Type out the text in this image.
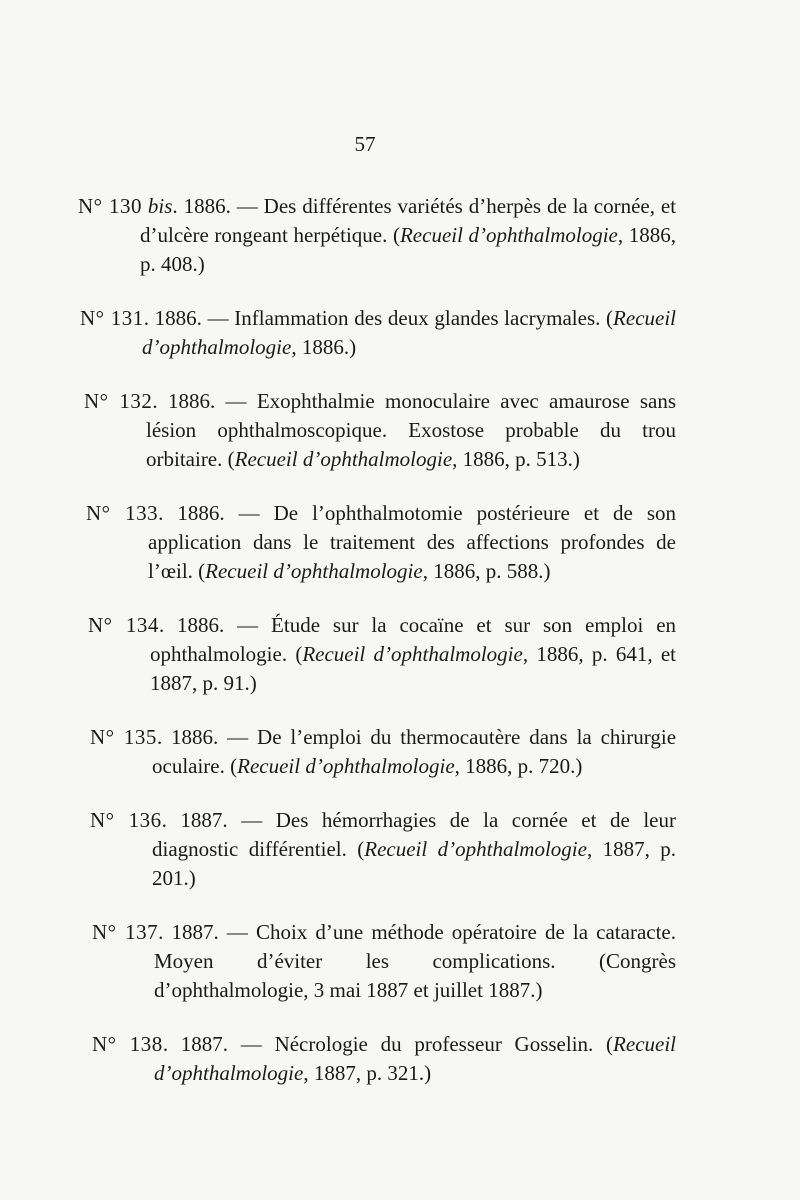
57

N° 130 bis. 1886. — Des différentes variétés d’herpès de la cornée, et d’ulcère rongeant herpétique. (Recueil d’ophthalmologie, 1886, p. 408.)

N° 131. 1886. — Inflammation des deux glandes lacrymales. (Recueil d’ophthalmologie, 1886.)

N° 132. 1886. — Exophthalmie monoculaire avec amaurose sans lésion ophthalmoscopique. Exostose probable du trou orbitaire. (Recueil d’ophthalmologie, 1886, p. 513.)

N° 133. 1886. — De l’ophthalmotomie postérieure et de son application dans le traitement des affections profondes de l’œil. (Recueil d’ophthalmologie, 1886, p. 588.)

N° 134. 1886. — Étude sur la cocaïne et sur son emploi en ophthalmologie. (Recueil d’ophthalmologie, 1886, p. 641, et 1887, p. 91.)

N° 135. 1886. — De l’emploi du thermocautère dans la chirurgie oculaire. (Recueil d’ophthalmologie, 1886, p. 720.)

N° 136. 1887. — Des hémorrhagies de la cornée et de leur diagnostic différentiel. (Recueil d’ophthalmologie, 1887, p. 201.)

N° 137. 1887. — Choix d’une méthode opératoire de la cataracte. Moyen d’éviter les complications. (Congrès d’ophthalmologie, 3 mai 1887 et juillet 1887.)

N° 138. 1887. — Nécrologie du professeur Gosselin. (Recueil d’ophthalmologie, 1887, p. 321.)
